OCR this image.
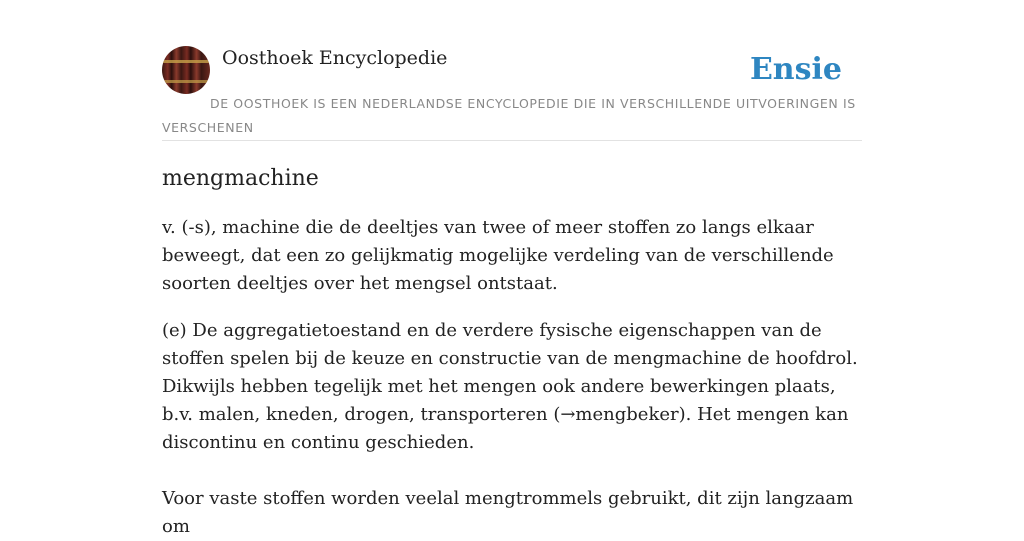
Oosthoek Encyclopedie	Ensie
DE OOSTHOEK IS EEN NEDERLANDSE ENCYCLOPEDIE DIE IN VERSCHILLENDE UITVOERINGEN IS VERSCHENEN
mengmachine

v. (-s), machine die de deeltjes van twee of meer stoffen zo langs elkaar beweegt, dat een zo gelijkmatig mogelijke verdeling van de verschillende soorten deeltjes over het mengsel ontstaat.

(e) De aggregatietoestand en de verdere fysische eigenschappen van de stoffen spelen bij de keuze en constructie van de mengmachine de hoofdrol. Dikwijls hebben tegelijk met het mengen ook andere bewerkingen plaats, b.v. malen, kneden, drogen, transporteren (→mengbeker). Het mengen kan discontinu en continu geschieden.

Voor vaste stoffen worden veelal mengtrommels gebruikt, dit zijn langzaam om
